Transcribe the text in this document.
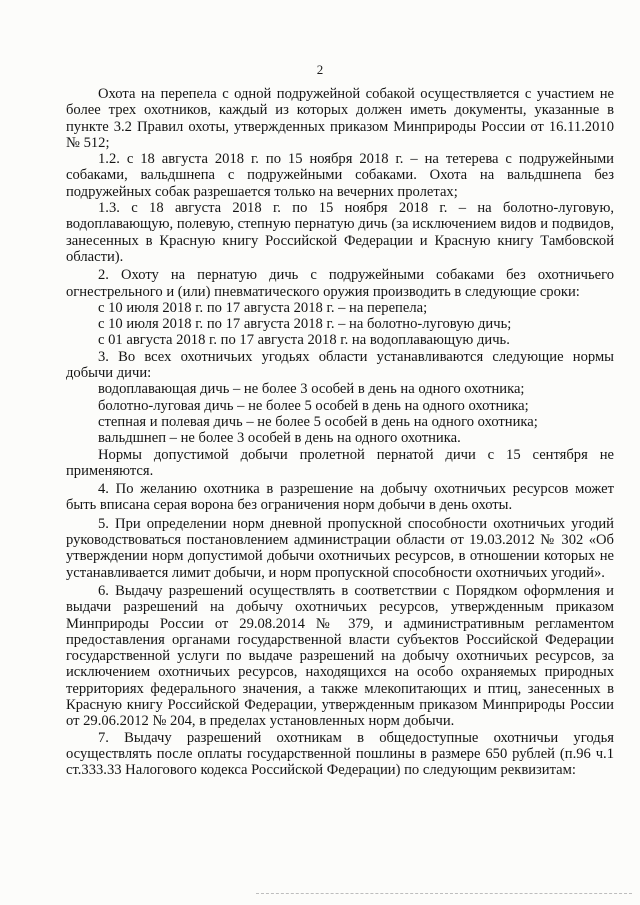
2

Охота на перепела с одной подружейной собакой осуществляется с участием не более трех охотников, каждый из которых должен иметь документы, указанные в пункте 3.2 Правил охоты, утвержденных приказом Минприроды России от 16.11.2010 № 512;

1.2. с 18 августа 2018 г. по 15 ноября 2018 г. – на тетерева с подружейными собаками, вальдшнепа с подружейными собаками. Охота на вальдшнепа без подружейных собак разрешается только на вечерних пролетах;

1.3. с 18 августа 2018 г. по 15 ноября 2018 г. – на болотно-луговую, водоплавающую, полевую, степную пернатую дичь (за исключением видов и подвидов, занесенных в Красную книгу Российской Федерации и Красную книгу Тамбовской области).

2. Охоту на пернатую дичь с подружейными собаками без охотничьего огнестрельного и (или) пневматического оружия производить в следующие сроки:

с 10 июля 2018 г. по 17 августа 2018 г. – на перепела;

с 10 июля 2018 г. по 17 августа 2018 г. – на болотно-луговую дичь;

с 01 августа 2018 г. по 17 августа 2018 г. на водоплавающую дичь.

3. Во всех охотничьих угодьях области устанавливаются следующие нормы добычи дичи:

водоплавающая дичь – не более 3 особей в день на одного охотника;

болотно-луговая дичь – не более 5 особей в день на одного охотника;

степная и полевая дичь – не более 5 особей в день на одного охотника;

вальдшнеп – не более 3 особей в день на одного охотника.

Нормы допустимой добычи пролетной пернатой дичи с 15 сентября не применяются.

4. По желанию охотника в разрешение на добычу охотничьих ресурсов может быть вписана серая ворона без ограничения норм добычи в день охоты.

5. При определении норм дневной пропускной способности охотничьих угодий руководствоваться постановлением администрации области от 19.03.2012 № 302 «Об утверждении норм допустимой добычи охотничьих ресурсов, в отношении которых не устанавливается лимит добычи, и норм пропускной способности охотничьих угодий».

6. Выдачу разрешений осуществлять в соответствии с Порядком оформления и выдачи разрешений на добычу охотничьих ресурсов, утвержденным приказом Минприроды России от 29.08.2014 № 379, и административным регламентом предоставления органами государственной власти субъектов Российской Федерации государственной услуги по выдаче разрешений на добычу охотничьих ресурсов, за исключением охотничьих ресурсов, находящихся на особо охраняемых природных территориях федерального значения, а также млекопитающих и птиц, занесенных в Красную книгу Российской Федерации, утвержденным приказом Минприроды России от 29.06.2012 № 204, в пределах установленных норм добычи.

7. Выдачу разрешений охотникам в общедоступные охотничьи угодья осуществлять после оплаты государственной пошлины в размере 650 рублей (п.96 ч.1 ст.333.33 Налогового кодекса Российской Федерации) по следующим реквизитам:
